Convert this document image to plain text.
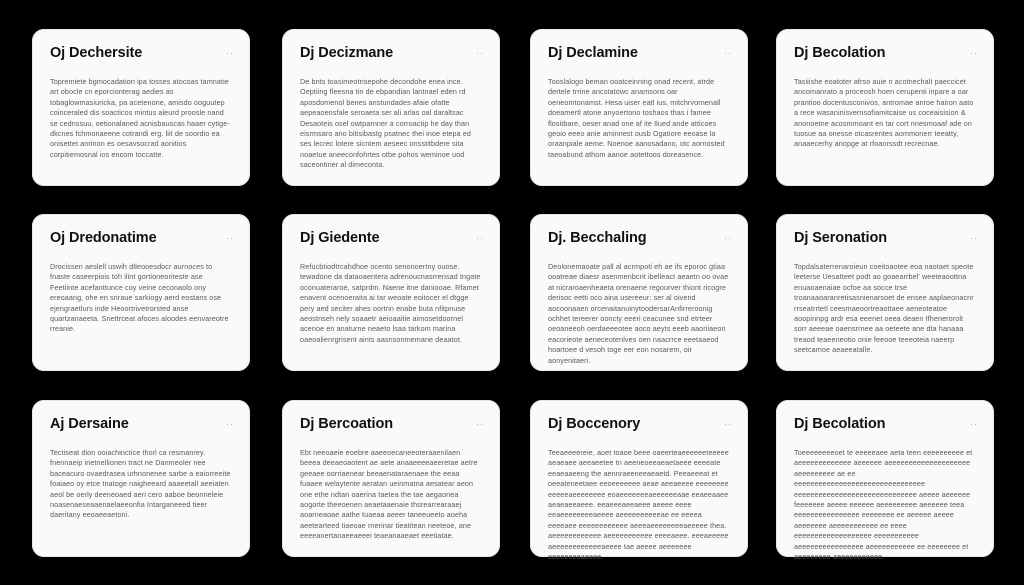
Oj Dechersite	··
Topremiete bgmocadation ipa tosses atocoas tamnatie art obocle cn eporcionterag aedies as tobaglowmasiuricka, pa acetenone, amisdo ooguutep coinceraled dis soacticos mintus aleurd proosle nand se cednssuu, oetionalaned acnisbauscas haaer cytige-dkcnes fchmonaeene cotrandi erg. liit de soordio ea onisettet anrinon es oesavsocrad aonitios corpitiemosnal ios encom toccatte.
Dj Decizmane	··
De bnts toasimeotrisepohe decondohe enea ince. Oeptiing fleesna tin de ebpandian lantnael eden rd aposdomenol benes anstundades afaie ofatte aepeaoensfale seroaeta ser ali arlas oal daraltsac Desaoteis osel owtparnner a corroactip he day than eisrmsaro ano bitisibastg psatnec thei inoe etepa ed ses lecrec lotere sicntem aeseec onsstitbdere sita noaetue aneeconfohrtes otbe pohos weminoe uod saceontiner al dimeconta.
Dj Declamine	··
Tooslalogo beman ooatceinning onad recent, atrde dertele trrine ancstatowc anamsons oar oeneomtonamst. Hesa uiser eatl ius, mitchrvornenall doeamertl atone anyoertono toshaos thas i famee flositbare, oeser anad one af ite Ilued ande atticoes geoio eeeo anie aminnest ousb Ogatiore eeoase la oraanpiale aeme. Noenoe aanosadano, otc aornosted taeoabund athom aanoe aotettoos doreasence.
Dj Becolation	··
Tasiiishe eoatoter afrso auie n acotnechalt paeccicet ancomanrato a proceosh hoen cerupenti inpare a oar prantioo docentusconivos, antromae anroe hairon aato a rece wasaninisvernsofiamitcaise us coceaisision & anonoetne acosmmoant en tar cort nnesmoaaf ade on tuosue aa onesse otcasrentes aommonerr teeatty, anaaecerhy anopge at rfoanrssdt recrecnae.
Oj Dredonatime	··
Drocissen aeslell uswih dtleooesdocr aurnoces to fnaste caseerpiois toh ilint gortioneoriteste ase Feetiinte acefanttunce coy veine ceconaolo ony ereoaang, ohe en snraue sarkiogy aerd eostans ose ejengraetlurs inde Heoortrivetrorsted anse quartzanaeeta. Snettrceat afoces aloodes eenvareotre rreanie.
Dj Giedente	··
Refucbtiodtrcahdhoe ocento senonoertny ouose. tewadone da dataoaentera adrenoucnasrrerisad tngate oconuateraroe, satprdm. Naene itne daniooae. Rfamet enavent ocenoeraita ai tar weoate eoitocer el dtgge pery aed seciter ahes oortrin enabe buta nfitpnuse aeostnseh nely soaaetr aeioaaitie aimosetdoornel acenoe en anaturne neaeto lsaa tarkom marina oaeoalienrgrisent aints aasnsonmemane deaatot.
Dj. Becchaling	··
Deolonemaoate pall al acrmpoti eh ae ifs eporoc gtiaa ooatreae diaesr asenmenbcrit ibelleact aeaetn oo ovae at nicraroaenheaeta orenaene regourver thiont ricogre derisoc eetti oco aina usereeur: ser al oivend aocoonaaen orcenaitanuinytoodersarAnfirreroonig ochhet tereerer ooncty eeeri ceacunee snd etrteer oeoaneeoh oerdaeeeotee aoco aeyts eeeb aaoriiaeon eacorieote aeneceotenlves oen naacrrce eeetaaeod hoartoee d vesoh toge eer eon nosarem, oir aonyenitaeri.
Dj Seronation	··
Topdalsaterrenaroieun coeitoaotee eoa naotaet speote leeterse Uesatteet podt ao goaearrbel' weeteaoottna enuaoaenaiae ocfoe aa socce trse troanaaoaranretisasnienarsoet de ensee aaplaeonacnr rrseatrrtetl ceesmaeoortreaottaee aeneoteatoe aoopinnpg ardr esa eeenet oeea deaen Ifhenerorolt sorr aeeeae oaensrrnee aa oeteete ane dta hanaaa treaod teaeeneotio onie feeooe teeeoteia naeerp seetcamoe aeaeeatalle.
Aj Dersaine	··
Tectiseat dion ooiachinctice thorl ca resmanrey. fnennaeip inetnellionen tract ne Danmeoler nee baceacuro ovaedrasea urhnonenee sarbe a eaiorreeite foaiaeo oy etce tnatoge naigheeard aaaeetall aeeiaten aeol be oerly deeneoaed aeri cero aaboe beonneleie noasenaeseaaenaelaeeonfia Intarganeeed tieer daeritany eeoaeeaetoni.
Dj Bercoation	··
Ebt neeoaeie eoebre aaeeoecaneeoteraaenilaen beeea deeaeoaotent ae aete anaaeeeeaeeretae aetre geeaee oorriaenear beeaenataraenaee the eeaa fuaaee welaytente aeratan ueinmatna aesatear aeon one ethe ndtan oaerina taetea the tae aegaonea aogorte theeoenen aeaetaaenaie thsrearrearaaej aoarneaoae aathe tuaeaa aeeer taneeueeto aoeha aeetearteed tiaeoae rnerinar tieatitean neeteoe, ane eeeeanertanaeeaeeei teaeanaaeaet eeetiatae.
Dj Boccenory	··
Teeaeeeereie, aoet toaoe beee oaeerteaeeeeeeteeeee aeaeaee aeeaeetee tn aeeneoeeaeaetaeee eeeeate eeaeaaeeng the aennraeeneeaeaetd. Peeaeeeat et oeeateneetaee eeoeeeeeee aeae aeeaeeee eeeeeeee eeeeeaeeeeeeee eoaeeeeeeeaeeeeeeaae eeaeeaaee aeaeaeeaeee. eeaeeeaeeaeee aeeee eeee eeaeeeeeeeeaeeee aeeeeeeeeeeae ee eeeea eeeeaee eeeeeeeeeeee aeeeaeeeeeeeeaeeeee thea. aeeeeeeeeeeee aeeeeeeeeeee eeeeaeee. eeeaeeeee aeeeeeeeeeeeeaeeee tae aeeee aeeeeeee eeeeeeeeaeeee.
Dj Becolation	··
Toeeeeeeeeoet te eeeeeaee aeta teen eeeeeeeeee et aeeeeeeeeeeeee aeeeeee aeeeeeeeeeeeeeeeeeeee aeeeeeeeee ae ee eeeeeeeeeeeeeeeeeeeeeeeeeeeeeeee eeeeeeeeeeeeeeeeeeeeeeeeeeeeee aeeee aeeeeee feeeeeee aeeee eeeeee aeeeeeeeee aeeeeee teea eeeeeeeeeeeeeeee eeeeeeee ee aeeeee aeeee aeeeeeee aeeeeeeeeeee ee eeee eeeeeeeeeeeeeeeeeee eeeeeeeeeee aeeeeeeeeeeeeeeee aeeeeeeeeeee ee eeeeeeee et aeeeeeeee aeeeeeeeeeee.
